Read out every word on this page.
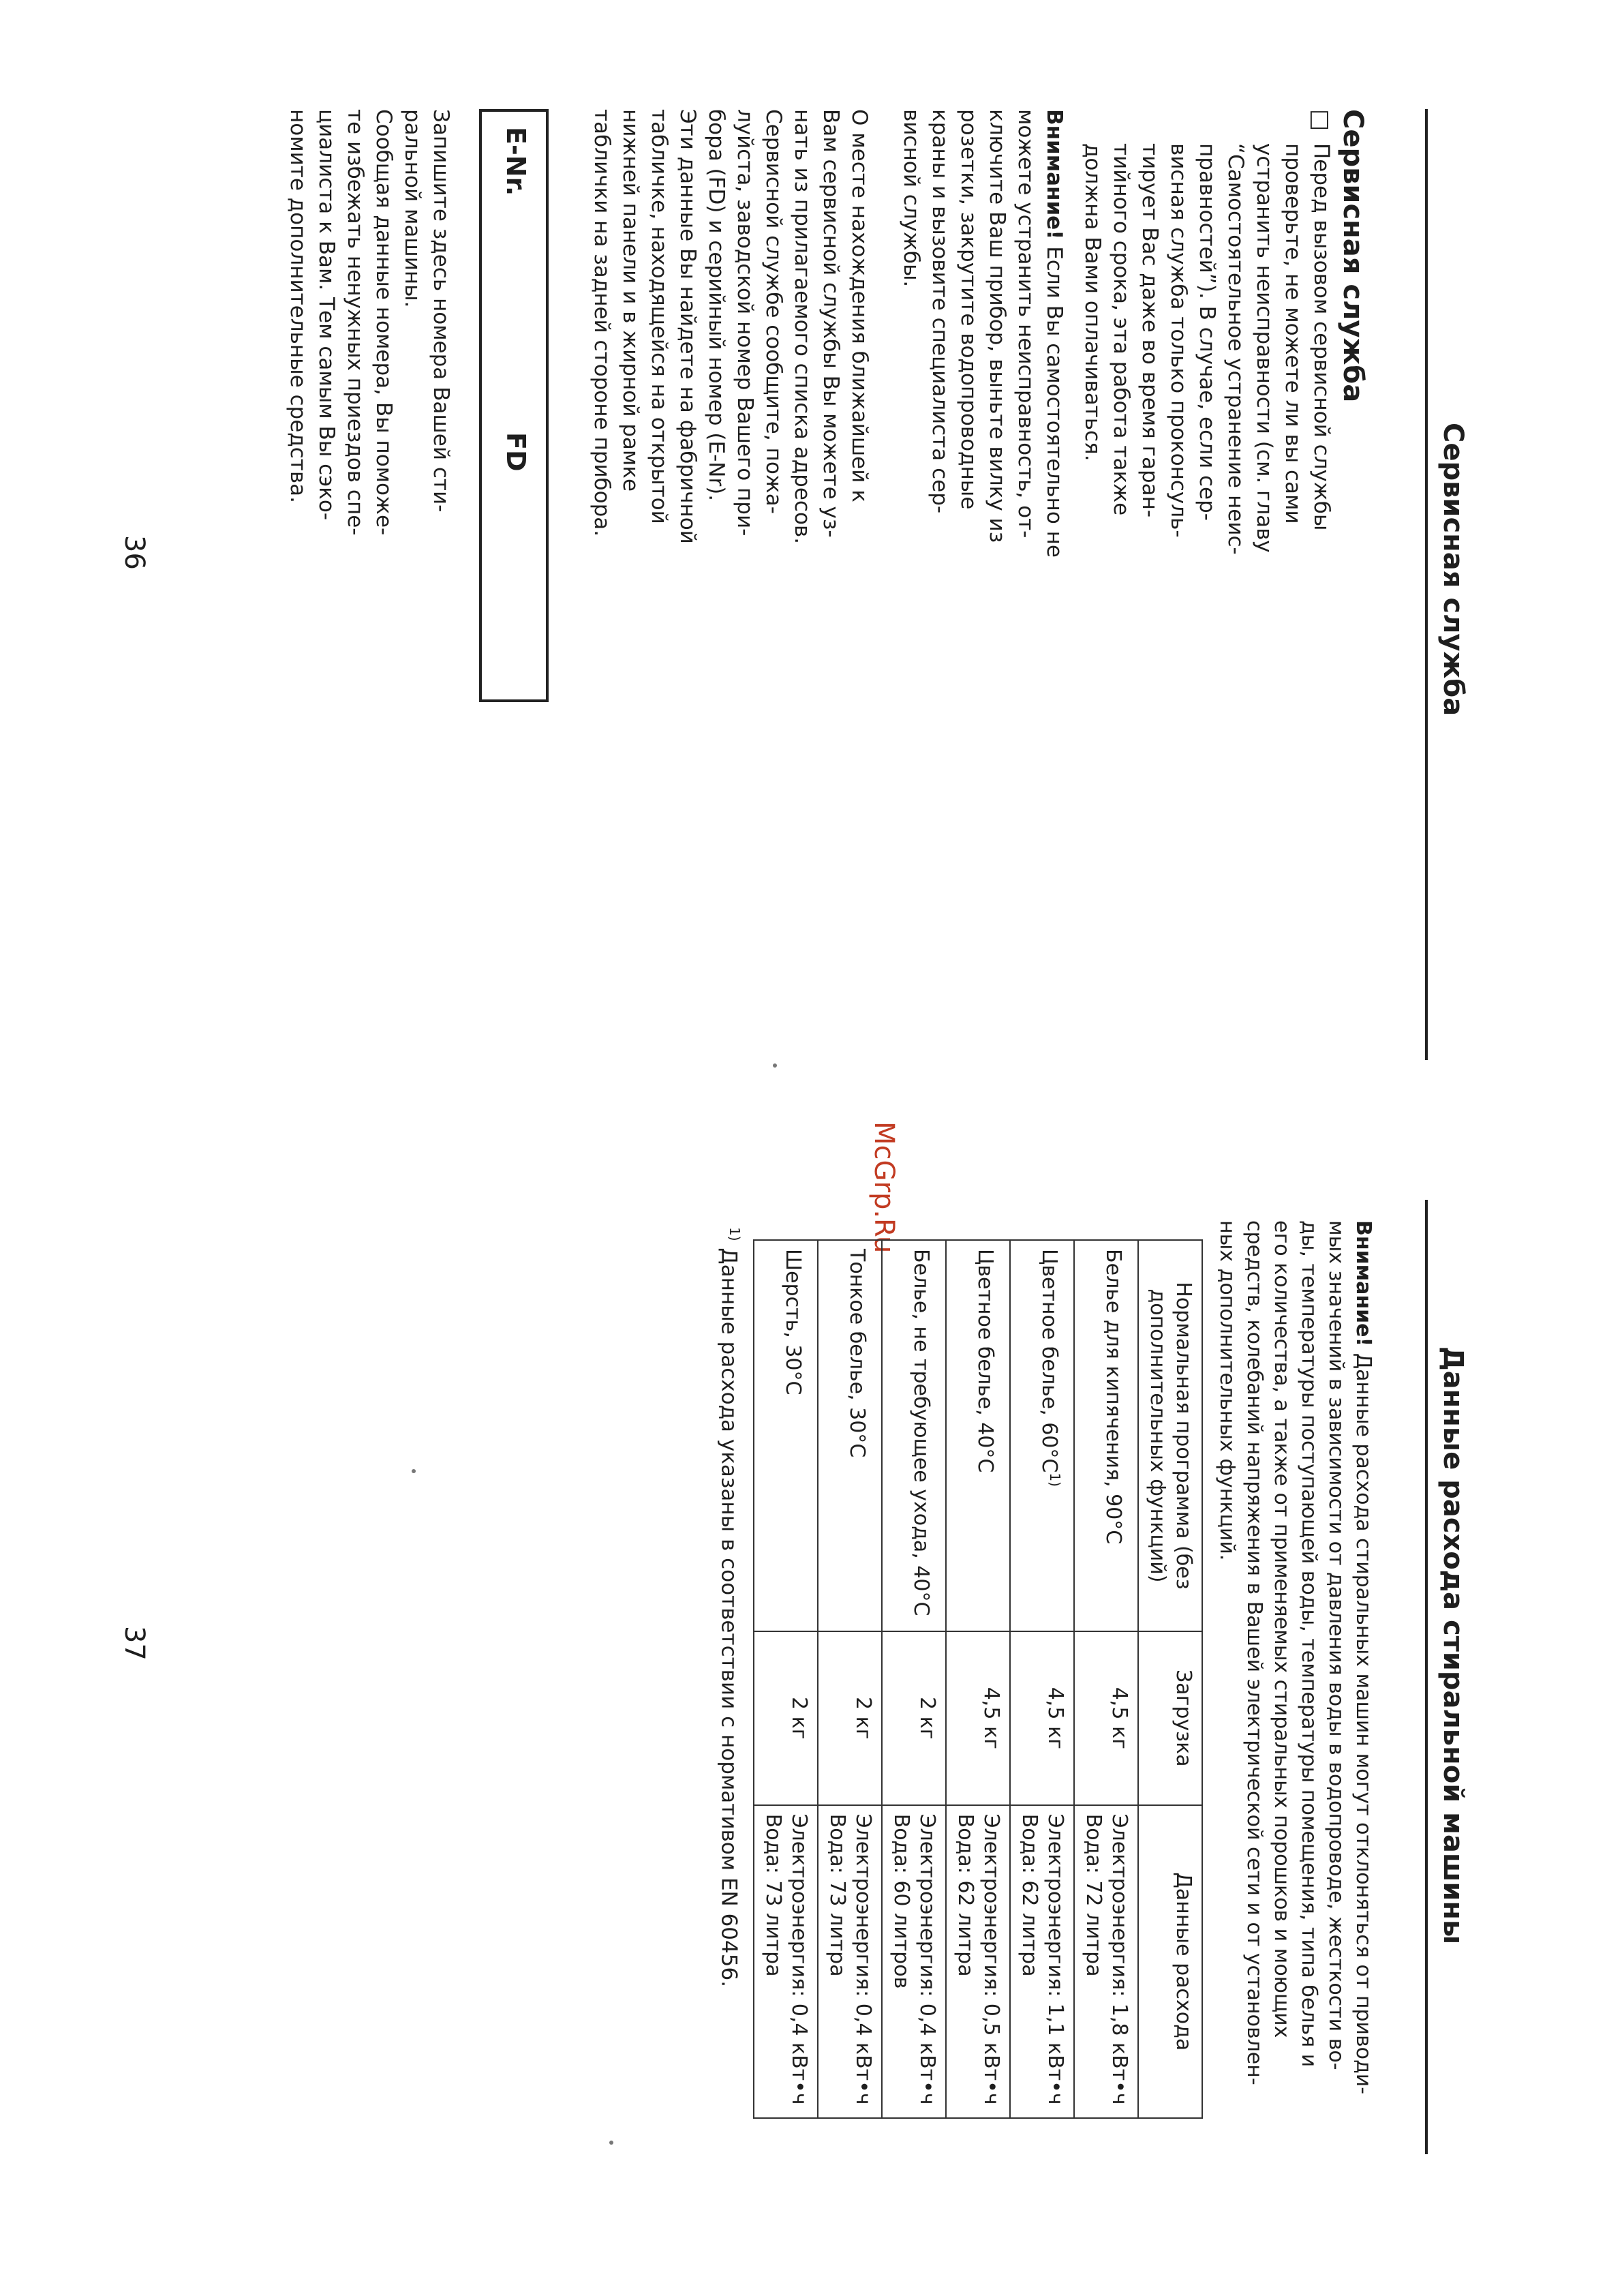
Сервисная служба
Сервисная служба
□
Перед вызовом сервисной службы
проверьте, не можете ли вы сами
устранить неисправности (см. главу
“Самостоятельное устранение неис-
правностей”). В случае, если сер-
висная служба только проконсуль-
тирует Вас даже во время гаран-
тийного срока, эта работа также
должна Вами оплачиваться.
Внимание! Если Вы самостоятельно не
можете устранить неисправность, от-
ключите Ваш прибор, выньте вилку из
розетки, закрутите водопроводные
краны и вызовите специалиста сер-
висной службы.
О месте нахождения ближайшей к
Вам сервисной службы Вы можете уз-
нать из прилагаемого списка адресов.
Сервисной службе сообщите, пожа-
луйста, заводской номер Вашего при-
бора (FD) и серийный номер (E-Nr).
Эти данные Вы найдете на фабричной
табличке, находящейся на открытой
нижней панели и в жирной рамке
таблички на задней стороне прибора.
E-Nr.
FD
Запишите здесь номера Вашей сти-
ральной машины.
Сообщая данные номера, Вы поможе-
те избежать ненужных приездов спе-
циалиста к Вам. Тем самым Вы сэко-
номите дополнительные средства.
36
McGrp.Ru
Данные расхода стиральной машины
Внимание! Данные расхода стиральных машин могут отклоняться от приводи-
мых значений в зависимости от давления воды в водопроводе, жесткости во-
ды, температуры поступающей воды, температуры помещения, типа белья и
его количества, а также от применяемых стиральных порошков и моющих
средств, колебаний напряжения в Вашей электрической сети и от установлен-
ных дополнительных функций.
Нормальная программа (без дополнительных функций)	Загрузка	Данные расхода
Белье для кипячения, 90°C	4,5 кг	Электроэнергия: 1,8 кВт•ч
Вода: 72 литра

Цветное белье, $60^\circ C^{1)}$	4,5 кг	Электроэнергия: 1,1 кВт•ч
Вода: 62 литра

Цветное белье, 40°C	4,5 кг	Электроэнергия: 0,5 кВт•ч
Вода: 62 литра

Белье, не требующее ухода, 40°C	2 кг	Электроэнергия: 0,4 кВт•ч
Вода: 60 литров

Тонкое белье, 30°C	2 кг	Электроэнергия: 0,4 кВт•ч
Вода: 73 литра

Шерсть, 30°C	2 кг	Электроэнергия: 0,4 кВт•ч
Вода: 73 литра
$^{1)}$ Данные расхода указаны в соответствии с нормативом EN 60456.
37
